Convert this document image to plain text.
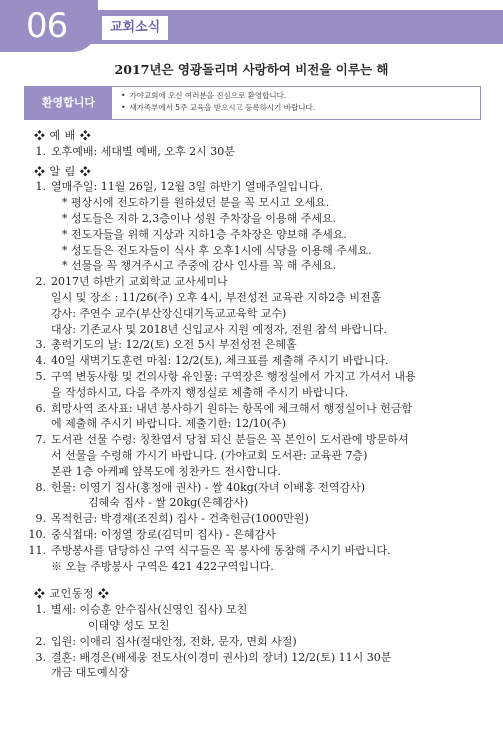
06	교회소식
2017년은 영광돌리며 사랑하여 비전을 이루는 해
환영합니다
• 가야교회에 오신 여러분을 진심으로 환영합니다.
• 새가족부에서 5주 교육을 받으시고 등록하시기 바랍니다.
❖ 예 배 ❖
1. 오후예배: 세대별 예배, 오후 2시 30분
❖ 알 림 ❖
1. 열매주일: 11월 26일, 12월 3일 하반기 열매주일입니다.
* 평상시에 전도하기를 원하셨던 분을 꼭 모시고 오세요.
* 성도들은 지하 2,3층이나 성원 주차장을 이용해 주세요.
* 전도자들을 위해 지상과 지하1층 주차장은 양보해 주세요.
* 성도들은 전도자들이 식사 후 오후1시에 식당을 이용해 주세요.
* 선물을 꼭 챙겨주시고 주중에 감사 인사를 꼭 해 주세요.
2. 2017년 하반기 교회학교 교사세미나
일시 및 장소 : 11/26(주) 오후 4시, 부전성전 교육관 지하2층 비전홀
강사: 주연수 교수(부산장신대기독교교육학 교수)
대상: 기존교사 및 2018년 신입교사 지원 예정자, 전원 참석 바랍니다.
3. 총력기도의 날: 12/2(토) 오전 5시 부전성전 은혜홀
4. 40일 새벽기도훈련 마침: 12/2(토), 체크표를 제출해 주시기 바랍니다.
5. 구역 변동사항 및 건의사항 유인물: 구역장은 행정실에서 가지고 가셔서 내용
을 작성하시고, 다음 주까지 행정실로 제출해 주시기 바랍니다.
6. 희망사역 조사표: 내년 봉사하기 원하는 항목에 체크해서 행정실이나 헌금함
에 제출해 주시기 바랍니다. 제출기한: 12/10(주)
7. 도서관 선물 수령: 칭찬엽서 당첨 되신 분들은 꼭 본인이 도서관에 방문하셔
서 선물을 수령해 가시기 바랍니다. (가야교회 도서관: 교육관 7층)
본관 1층 아케페 앞복도에 칭찬카드 전시합니다.
8. 헌물: 이영기 집사(홍정애 권사) - 쌀 40kg(자녀 이배홍 전역감사)
김혜숙 집사 - 쌀 20kg(은혜감사)
9. 목적헌금: 박경재(조진희) 집사 - 건축헌금(1000만원)
10. 중식접대: 이정열 장로(김덕미 집사) - 은혜감사
11. 주방봉사를 담당하신 구역 식구들은 꼭 봉사에 동참해 주시기 바랍니다.
※ 오늘 주방봉사 구역은 421 422구역입니다.
❖ 교인동정 ❖
1. 별세: 이승훈 안수집사(신영인 집사) 모친
이태양 성도 모친
2. 입원: 이애리 집사(절대안정, 전화, 문자, 면회 사절)
3. 결혼: 배경은(배세웅 전도사(이경미 권사)의 장녀) 12/2(토) 11시 30분
개금 대도예식장
